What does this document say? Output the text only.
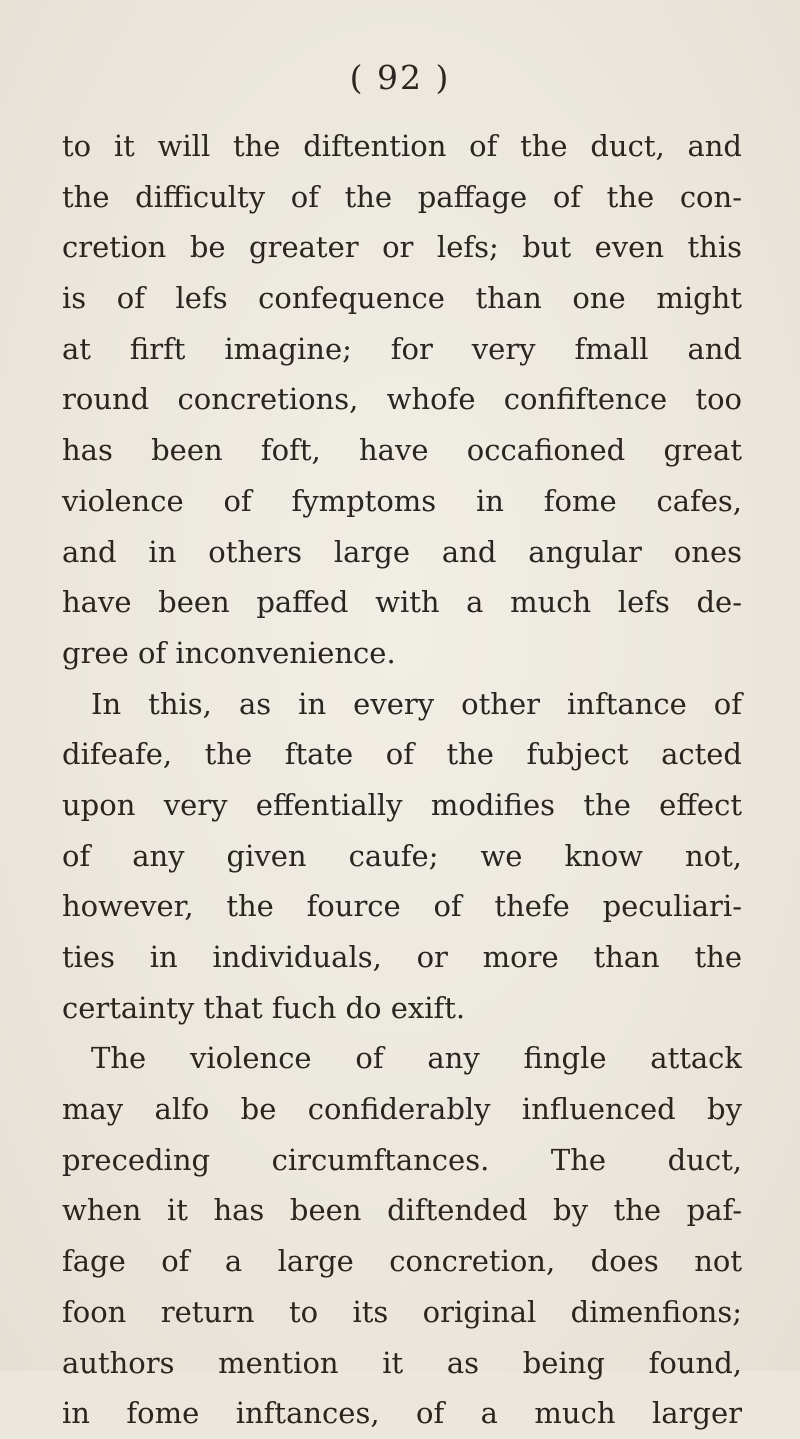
( 92 )

to it will the diftention of the duct, and
the difficulty of the paffage of the con-
cretion be greater or lefs; but even this
is of lefs confequence than one might
at firft imagine; for very fmall and
round concretions, whofe confiftence too
has been foft, have occafioned great
violence of fymptoms in fome cafes,
and in others large and angular ones
have been paffed with a much lefs de-
gree of inconvenience.
In this, as in every other inftance of
difeafe, the ftate of the fubject acted
upon very effentially modifies the effect
of any given caufe; we know not,
however, the fource of thefe peculiari-
ties in individuals, or more than the
certainty that fuch do exift.
The violence of any fingle attack
may alfo be confiderably influenced by
preceding circumftances. The duct,
when it has been diftended by the paf-
fage of a large concretion, does not
foon return to its original dimenfions;
authors mention it as being found,
in fome inftances, of a much larger
